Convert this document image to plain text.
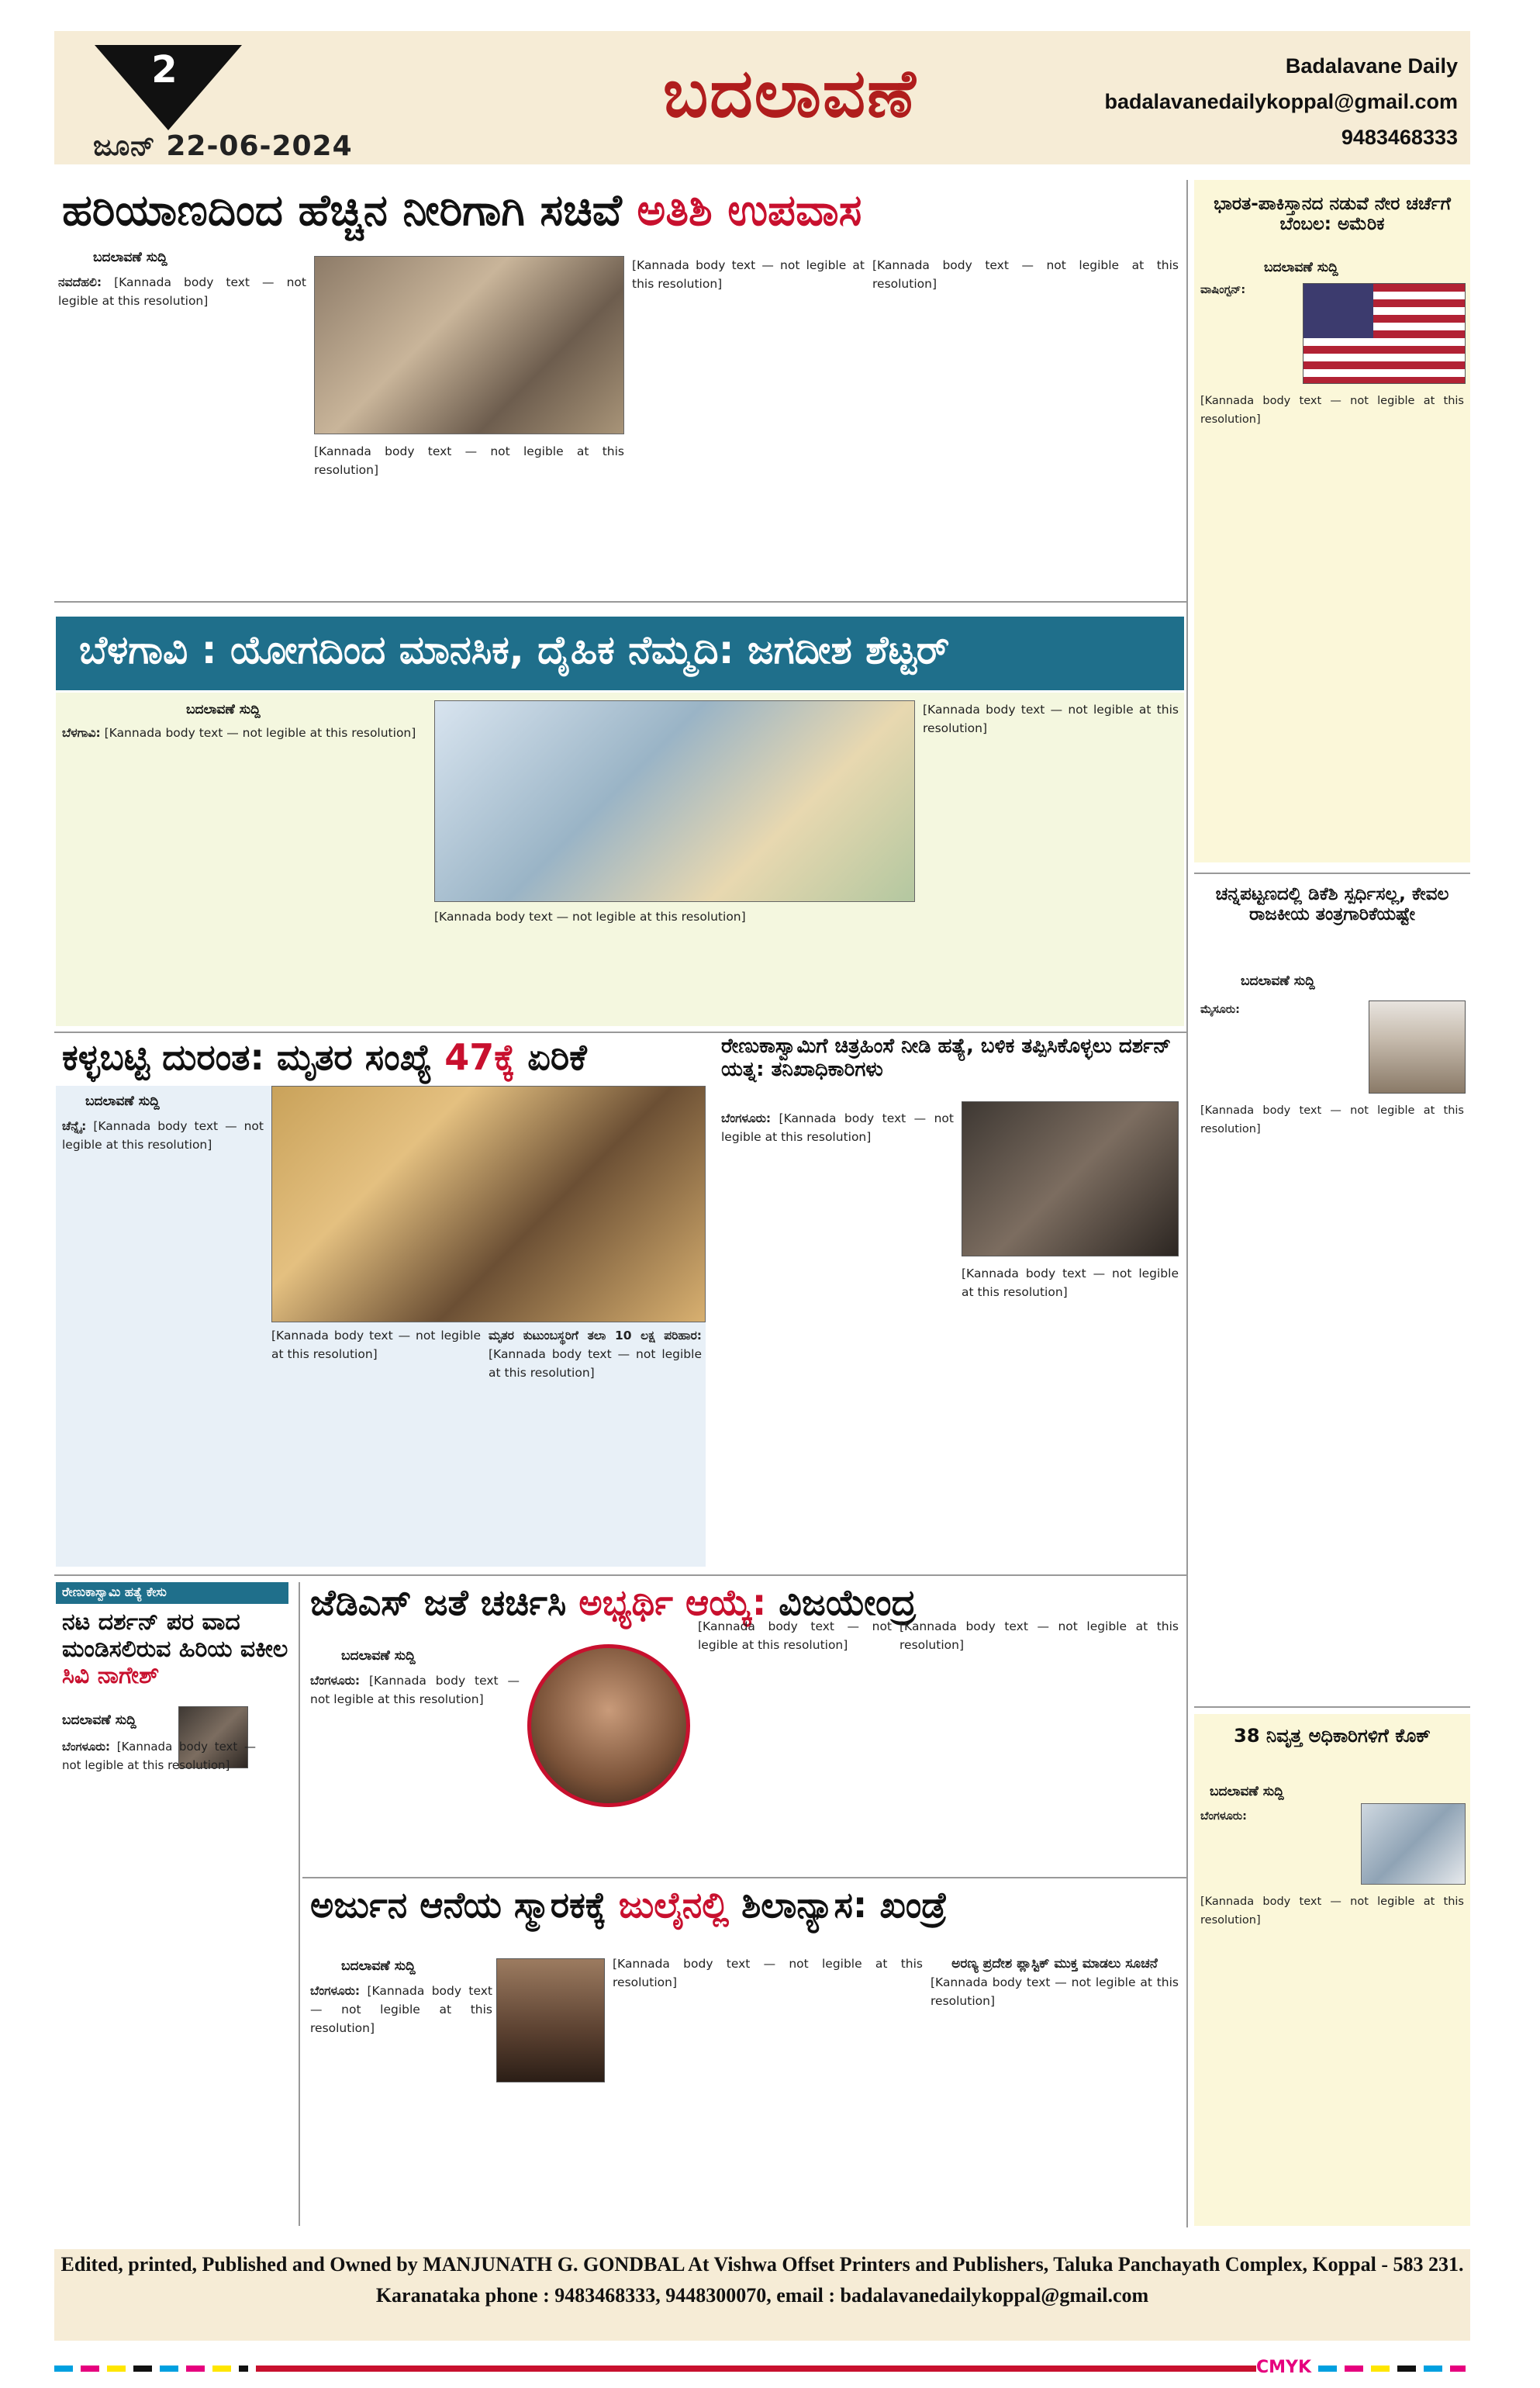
2
ಜೂನ್ 22-06-2024
ಬದಲಾವಣೆ	Badalavane Daily
badalavanedailykoppal@gmail.com
9483468333
ಹರಿಯಾಣದಿಂದ ಹೆಚ್ಚಿನ ನೀರಿಗಾಗಿ ಸಚಿವೆ ಅತಿಶಿ ಉಪವಾಸ
ಬದಲಾವಣೆ ಸುದ್ದಿ
ನವದೆಹಲಿ: [Kannada body text — not legible at this resolution]
[Kannada body text — not legible at this resolution]
[Kannada body text — not legible at this resolution]
[Kannada body text — not legible at this resolution]
ಭಾರತ-ಪಾಕಿಸ್ತಾನದ ನಡುವೆ ನೇರ ಚರ್ಚೆಗೆ ಬೆಂಬಲ: ಅಮೆರಿಕ
ಬದಲಾವಣೆ ಸುದ್ದಿ
ವಾಷಿಂಗ್ಟನ್:
[Kannada body text — not legible at this resolution]
ಬೆಳಗಾವಿ : ಯೋಗದಿಂದ ಮಾನಸಿಕ, ದೈಹಿಕ ನೆಮ್ಮದಿ: ಜಗದೀಶ ಶೆಟ್ಟರ್
ಬದಲಾವಣೆ ಸುದ್ದಿ
ಬೆಳಗಾವಿ: [Kannada body text — not legible at this resolution]
[Kannada body text — not legible at this resolution]
[Kannada body text — not legible at this resolution]
ಚನ್ನಪಟ್ಟಣದಲ್ಲಿ ಡಿಕೆಶಿ ಸ್ಪರ್ಧಿಸಲ್ಲ, ಕೇವಲ ರಾಜಕೀಯ ತಂತ್ರಗಾರಿಕೆಯಷ್ಟೇ
ಬದಲಾವಣೆ ಸುದ್ದಿ
ಮೈಸೂರು:
[Kannada body text — not legible at this resolution]
ಕಳ್ಳಬಟ್ಟಿ ದುರಂತ: ಮೃತರ ಸಂಖ್ಯೆ 47ಕ್ಕೆ ಏರಿಕೆ
ಬದಲಾವಣೆ ಸುದ್ದಿ
ಚೆನ್ನೈ: [Kannada body text — not legible at this resolution]
[Kannada body text — not legible at this resolution]
ಮೃತರ ಕುಟುಂಬಸ್ಥರಿಗೆ ತಲಾ 10 ಲಕ್ಷ ಪರಿಹಾರ: [Kannada body text — not legible at this resolution]
ರೇಣುಕಾಸ್ವಾಮಿಗೆ ಚಿತ್ರಹಿಂಸೆ ನೀಡಿ ಹತ್ಯೆ, ಬಳಿಕ ತಪ್ಪಿಸಿಕೊಳ್ಳಲು ದರ್ಶನ್ ಯತ್ನ: ತನಿಖಾಧಿಕಾರಿಗಳು
ಬೆಂಗಳೂರು: [Kannada body text — not legible at this resolution]
[Kannada body text — not legible at this resolution]
ರೇಣುಕಾಸ್ವಾಮಿ ಹತ್ಯೆ ಕೇಸು
ನಟ ದರ್ಶನ್ ಪರ ವಾದ ಮಂಡಿಸಲಿರುವ ಹಿರಿಯ ವಕೀಲ ಸಿವಿ ನಾಗೇಶ್
ಬದಲಾವಣೆ ಸುದ್ದಿ
ಬೆಂಗಳೂರು: [Kannada body text — not legible at this resolution]
ಜೆಡಿಎಸ್ ಜತೆ ಚರ್ಚಿಸಿ ಅಭ್ಯರ್ಥಿ ಆಯ್ಕೆ: ವಿಜಯೇಂದ್ರ
ಬದಲಾವಣೆ ಸುದ್ದಿ
ಬೆಂಗಳೂರು: [Kannada body text — not legible at this resolution]
[Kannada body text — not legible at this resolution]
[Kannada body text — not legible at this resolution]
38 ನಿವೃತ್ತ ಅಧಿಕಾರಿಗಳಿಗೆ ಕೊಕ್
ಬದಲಾವಣೆ ಸುದ್ದಿ
ಬೆಂಗಳೂರು:
[Kannada body text — not legible at this resolution]
ಅರ್ಜುನ ಆನೆಯ ಸ್ಮಾರಕಕ್ಕೆ ಜುಲೈನಲ್ಲಿ ಶಿಲಾನ್ಯಾಸ: ಖಂಡ್ರೆ
ಬದಲಾವಣೆ ಸುದ್ದಿ
ಬೆಂಗಳೂರು: [Kannada body text — not legible at this resolution]
[Kannada body text — not legible at this resolution]
ಅರಣ್ಯ ಪ್ರದೇಶ ಪ್ಲಾಸ್ಟಿಕ್ ಮುಕ್ತ ಮಾಡಲು ಸೂಚನೆ
[Kannada body text — not legible at this resolution]
Edited, printed, Published and Owned by MANJUNATH G. GONDBAL At Vishwa Offset Printers and Publishers, Taluka Panchayath Complex, Koppal - 583 231.
Karanataka phone : 9483468333, 9448300070, email : badalavanedailykoppal@gmail.com
CMYK
